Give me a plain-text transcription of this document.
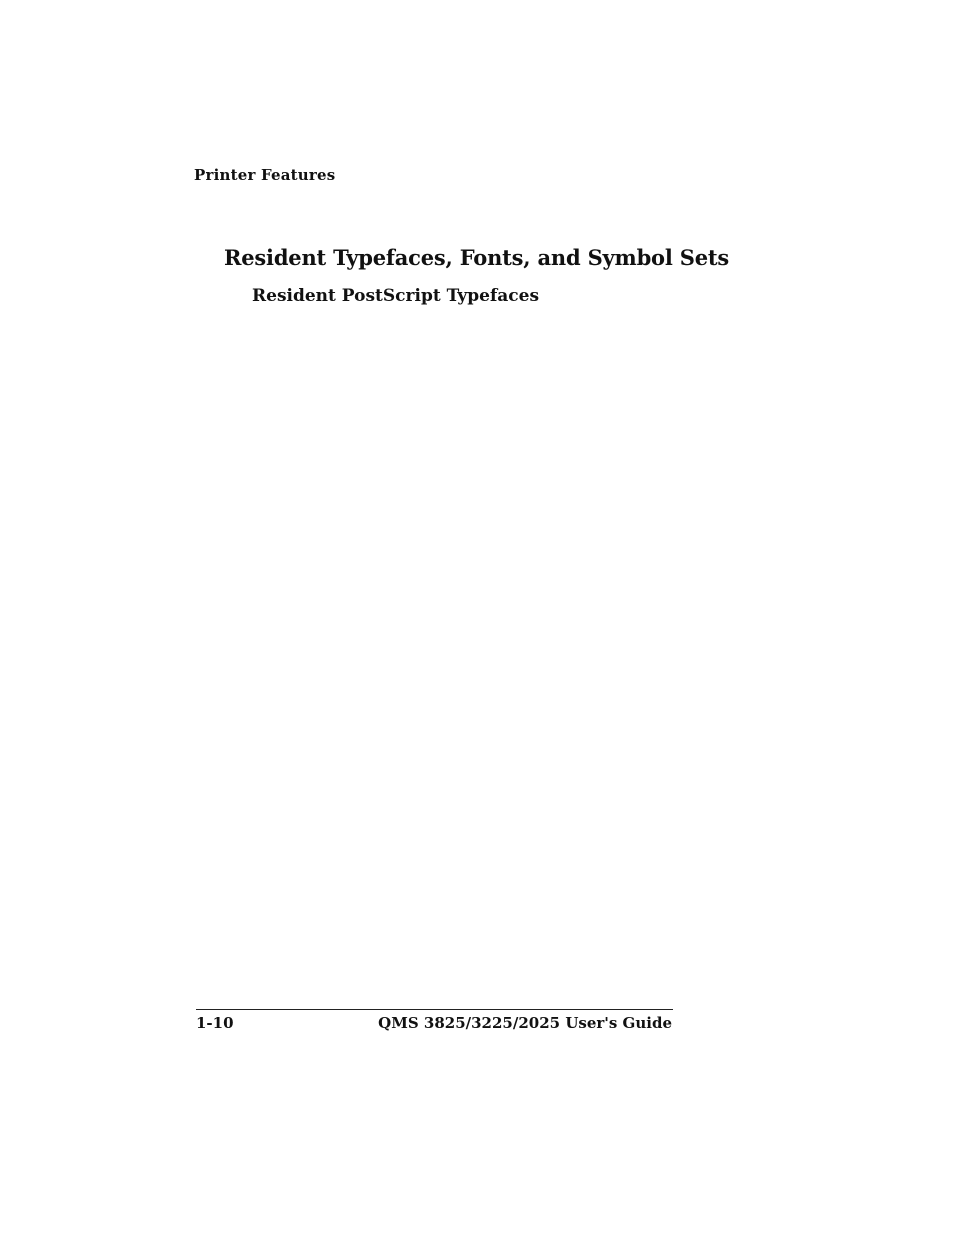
Printer Features
Resident Typefaces, Fonts, and Symbol Sets
Resident PostScript Typefaces
1-10	QMS 3825/3225/2025 User's Guide
